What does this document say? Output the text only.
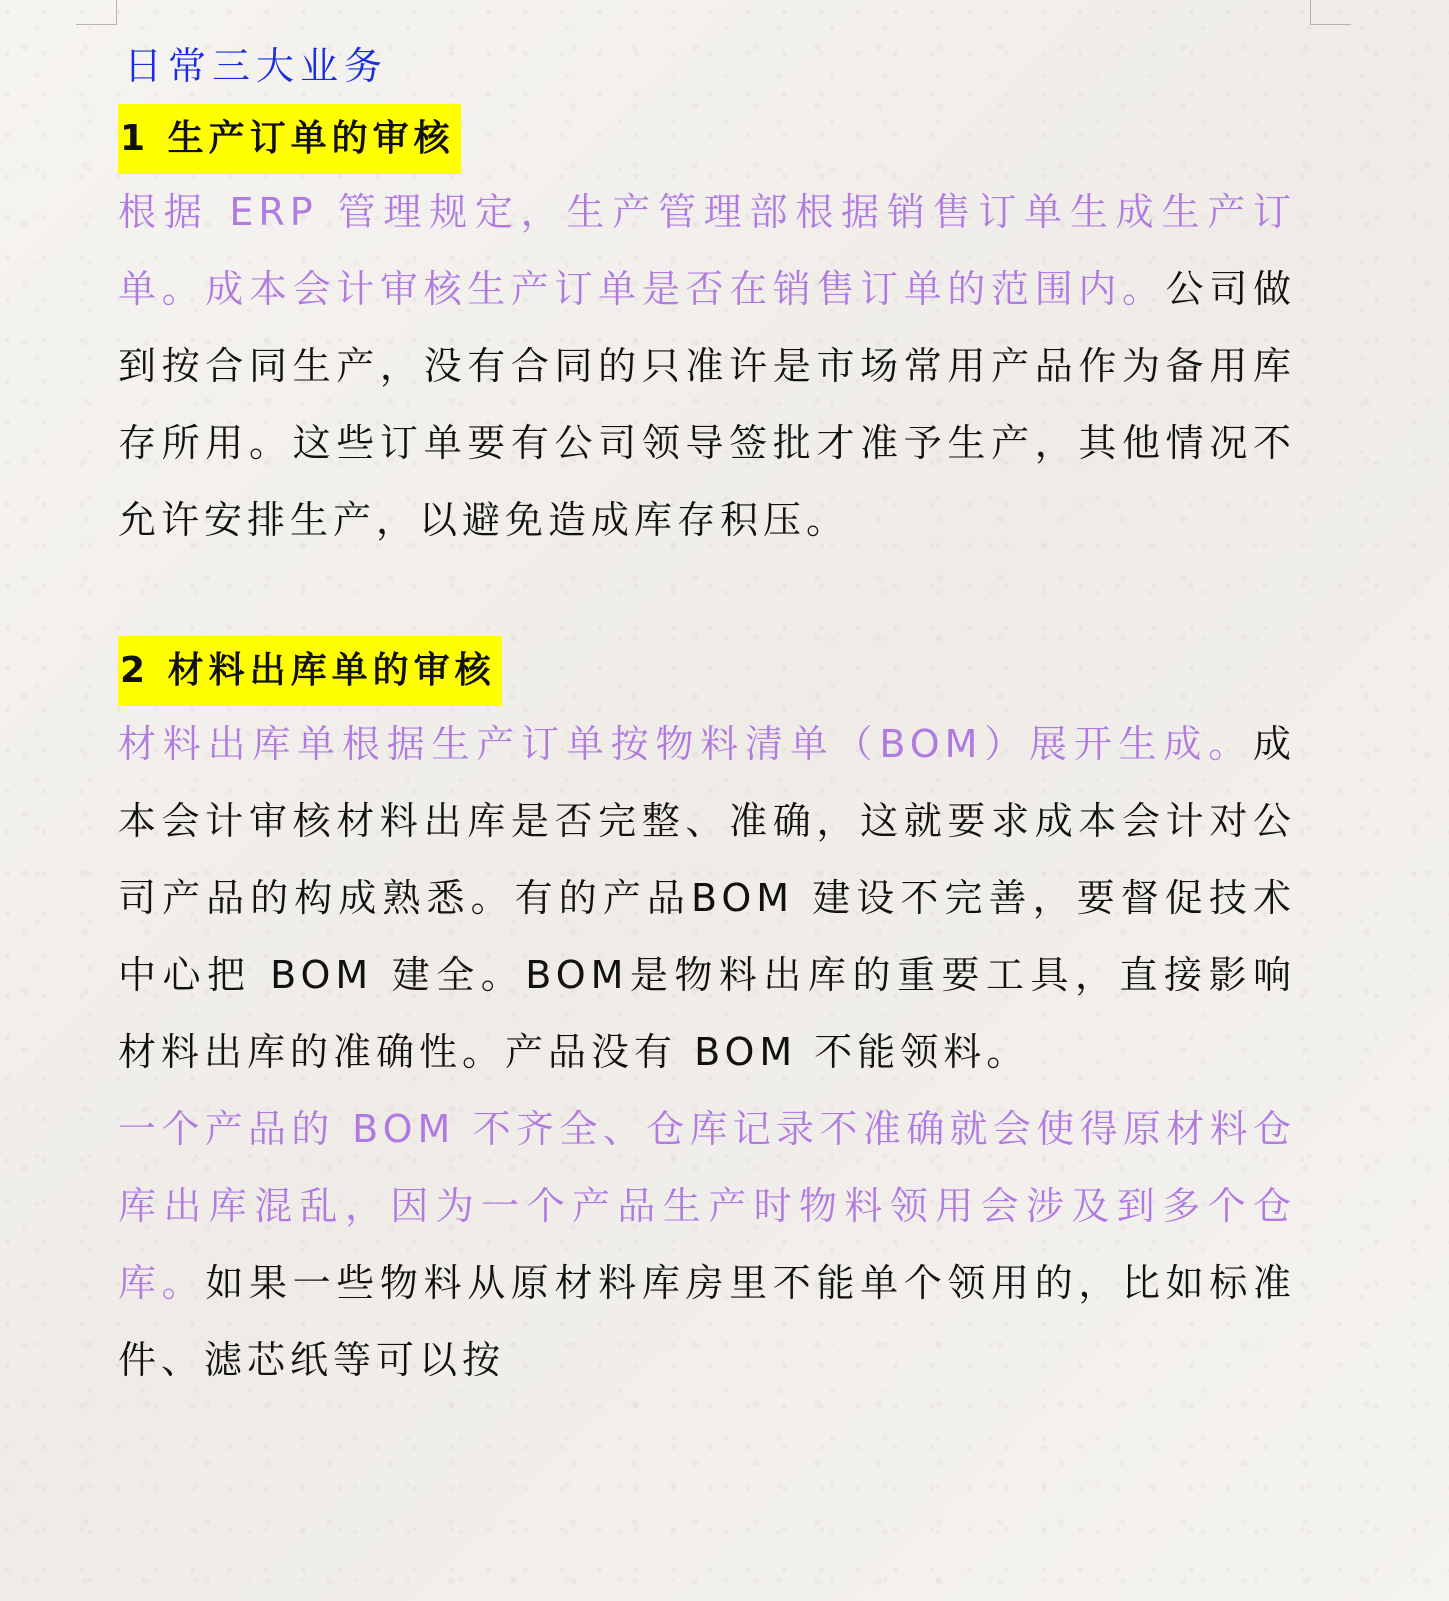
日常三大业务
1 生产订单的审核

根据 ERP 管理规定，生产管理部根据销售订单生成生产订单。成本会计审核生产订单是否在销售订单的范围内。公司做到按合同生产，没有合同的只准许是市场常用产品作为备用库存所用。这些订单要有公司领导签批才准予生产，其他情况不允许安排生产，以避免造成库存积压。

2 材料出库单的审核

材料出库单根据生产订单按物料清单（BOM）展开生成。成本会计审核材料出库是否完整、准确，这就要求成本会计对公司产品的构成熟悉。有的产品BOM 建设不完善，要督促技术中心把 BOM 建全。BOM是物料出库的重要工具，直接影响材料出库的准确性。产品没有 BOM 不能领料。

一个产品的 BOM 不齐全、仓库记录不准确就会使得原材料仓库出库混乱，因为一个产品生产时物料领用会涉及到多个仓库。如果一些物料从原材料库房里不能单个领用的，比如标准件、滤芯纸等可以按
